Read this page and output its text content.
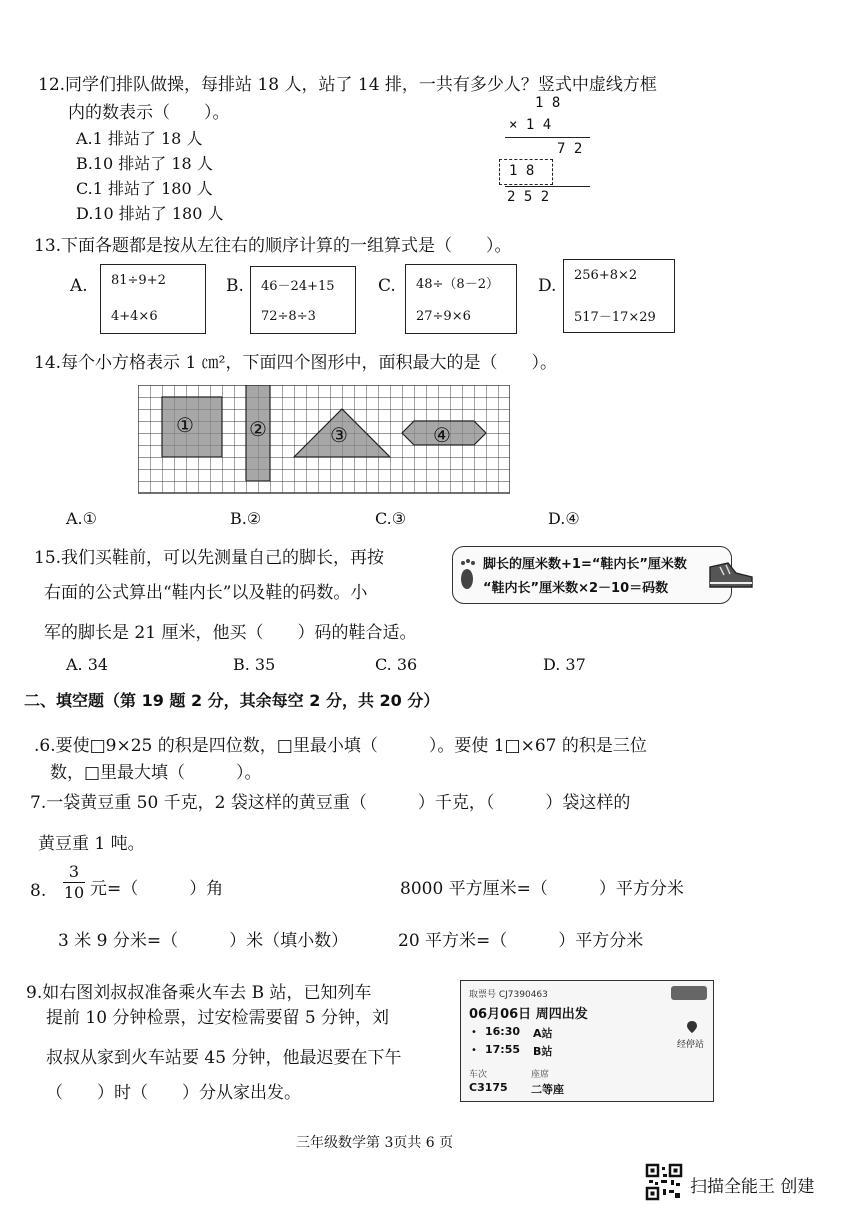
12.同学们排队做操，每排站 18 人，站了 14 排，一共有多少人？竖式中虚线方框
内的数表示（　　）。
A.1 排站了 18 人
B.10 排站了 18 人
C.1 排站了 180 人
D.10 排站了 180 人
1 8
× 1 4
7 2
1 8
2 5 2
13.下面各题都是按从左往右的顺序计算的一组算式是（　　）。
A. 81÷9+2
4+4×6
B. 46－24+15
72÷8÷3
C. 48÷（8－2）
27÷9×6
D.
256+8×2
517－17×29
14.每个小方格表示 1 ㎝²，下面四个图形中，面积最大的是（　　）。
①	②	③	④
A.①	B.②	C.③	D.④
15.我们买鞋前，可以先测量自己的脚长，再按
右面的公式算出“鞋内长”以及鞋的码数。小
军的脚长是 21 厘米，他买（　　）码的鞋合适。
脚长的厘米数+1=“鞋内长”厘米数
“鞋内长”厘米数×2－10＝码数
A. 34	B. 35	C. 36	D. 37
二、填空题（第 19 题 2 分，其余每空 2 分，共 20 分）
.6.要使□9×25 的积是四位数，□里最小填（　　　）。要使 1□×67 的积是三位
数，□里最大填（　　　）。
7.一袋黄豆重 50 千克，2 袋这样的黄豆重（　　　）千克，（　　　）袋这样的
黄豆重 1 吨。
8. $\frac{3}{10}$ 元=（　　　）角	8000 平方厘米=（　　　）平方分米
3 米 9 分米=（　　　）米（填小数）	20 平方米=（　　　）平方分米
9.如右图刘叔叔准备乘火车去 B 站，已知列车
提前 10 分钟检票，过安检需要留 5 分钟，刘
叔叔从家到火车站要 45 分钟，他最迟要在下午
（　　）时（　　）分从家出发。
取票号 CJ7390463
06月06日 周四出发
• 16:30 A站
• 17:55 B站	经停站
车次	座席
C3175 二等座
三年级数学第 3页共 6 页
扫描全能王 创建
